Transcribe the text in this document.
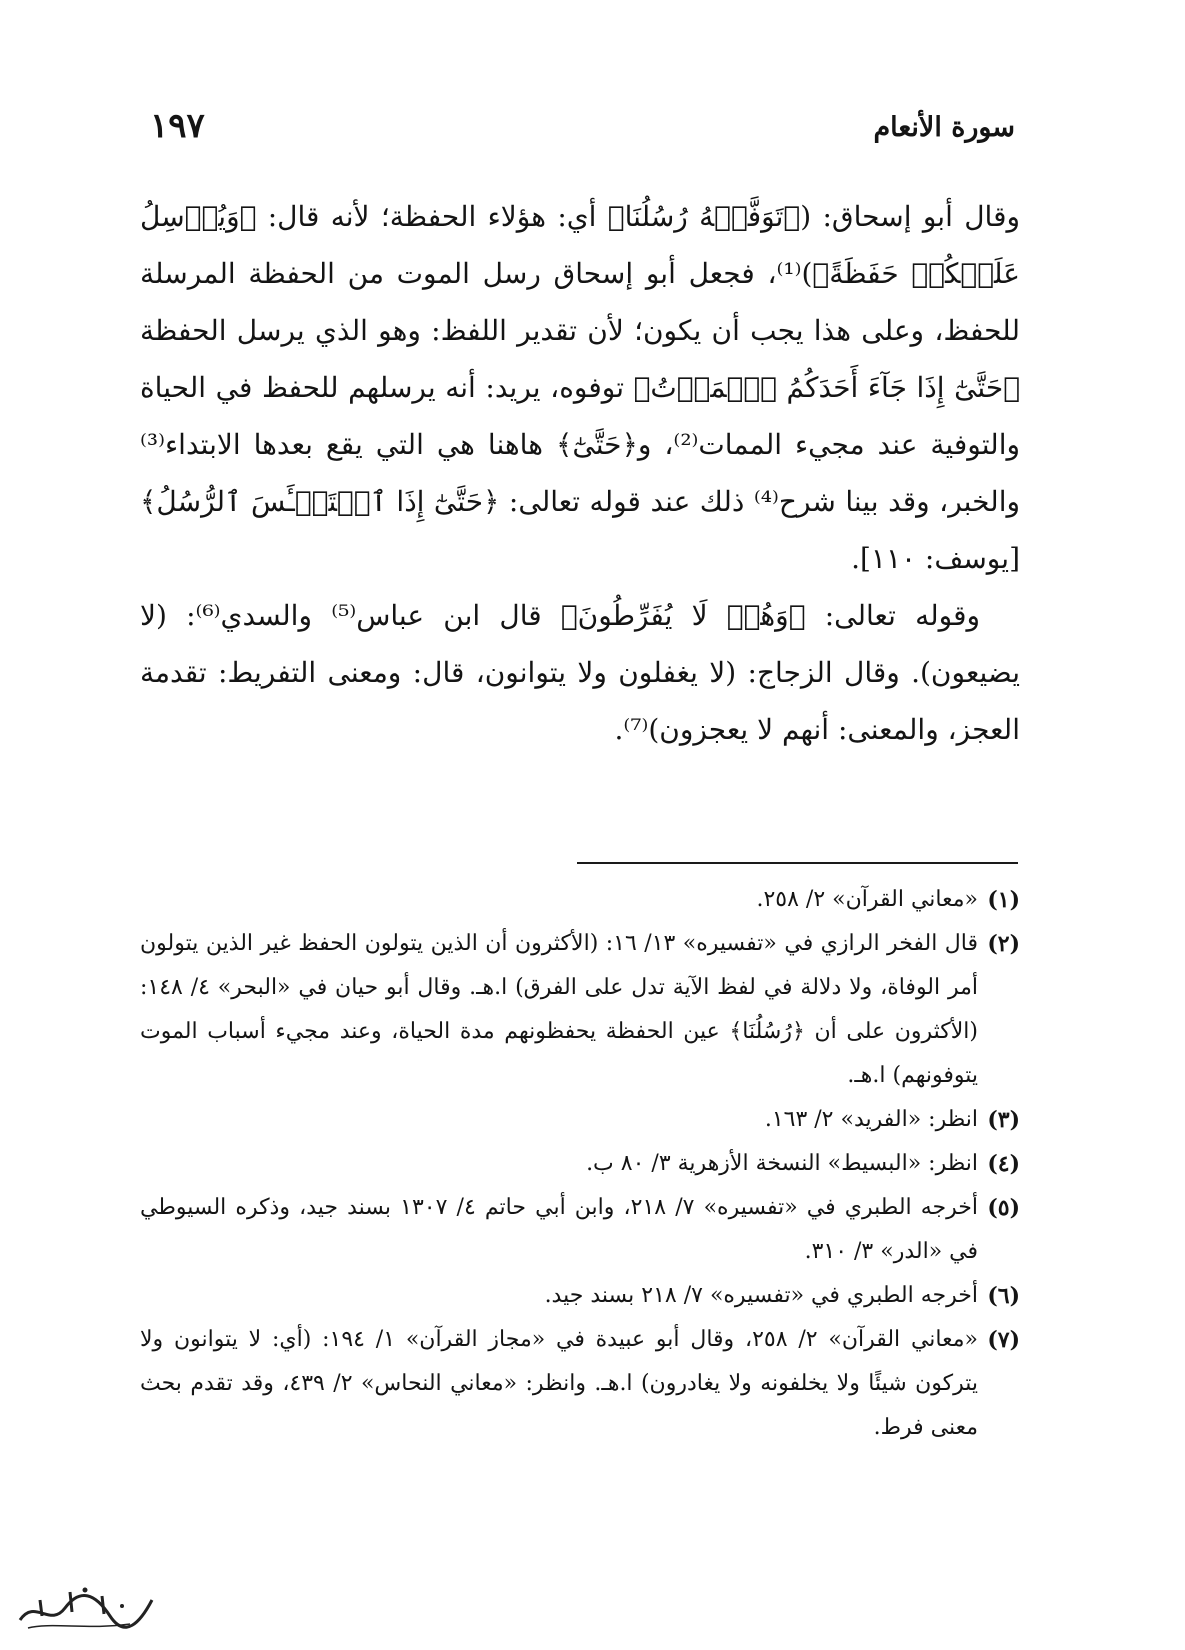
سورة الأنعام
١٩٧

وقال أبو إسحاق: (﴿تَوَفَّتۡهُ رُسُلُنَا﴾ أي: هؤلاء الحفظة؛ لأنه قال: ﴿وَيُرۡسِلُ عَلَيۡكُمۡ حَفَظَةً﴾)⁽¹⁾، فجعل أبو إسحاق رسل الموت من الحفظة المرسلة للحفظ، وعلى هذا يجب أن يكون؛ لأن تقدير اللفظ: وهو الذي يرسل الحفظة ﴿حَتَّىٰٓ إِذَا جَآءَ أَحَدَكُمُ ٱلۡمَوۡتُ﴾ توفوه، يريد: أنه يرسلهم للحفظ في الحياة والتوفية عند مجيء الممات⁽²⁾، و﴿حَتَّىٰٓ﴾ هاهنا هي التي يقع بعدها الابتداء⁽³⁾ والخبر، وقد بينا شرح⁽⁴⁾ ذلك عند قوله تعالى: ﴿حَتَّىٰٓ إِذَا ٱسۡتَيۡـَٔسَ ٱلرُّسُلُ﴾ [يوسف: ١١٠].

وقوله تعالى: ﴿وَهُمۡ لَا يُفَرِّطُونَ﴾ قال ابن عباس⁽⁵⁾ والسدي⁽⁶⁾: (لا يضيعون). وقال الزجاج: (لا يغفلون ولا يتوانون، قال: ومعنى التفريط: تقدمة العجز، والمعنى: أنهم لا يعجزون)⁽⁷⁾.

(١)
«معاني القرآن» ٢/ ٢٥٨.
(٢)
قال الفخر الرازي في «تفسيره» ١٣/ ١٦: (الأكثرون أن الذين يتولون الحفظ غير الذين يتولون أمر الوفاة، ولا دلالة في لفظ الآية تدل على الفرق) ا.هـ. وقال أبو حيان في «البحر» ٤/ ١٤٨: (الأكثرون على أن ﴿رُسُلُنَا﴾ عين الحفظة يحفظونهم مدة الحياة، وعند مجيء أسباب الموت يتوفونهم) ا.هـ.
(٣)
انظر: «الفريد» ٢/ ١٦٣.
(٤)
انظر: «البسيط» النسخة الأزهرية ٣/ ٨٠ ب.
(٥)
أخرجه الطبري في «تفسيره» ٧/ ٢١٨، وابن أبي حاتم ٤/ ١٣٠٧ بسند جيد، وذكره السيوطي في «الدر» ٣/ ٣١٠.
(٦)
أخرجه الطبري في «تفسيره» ٧/ ٢١٨ بسند جيد.
(٧)
«معاني القرآن» ٢/ ٢٥٨، وقال أبو عبيدة في «مجاز القرآن» ١/ ١٩٤: (أي: لا يتوانون ولا يتركون شيئًا ولا يخلفونه ولا يغادرون) ا.هـ. وانظر: «معاني النحاس» ٢/ ٤٣٩، وقد تقدم بحث معنى فرط.
